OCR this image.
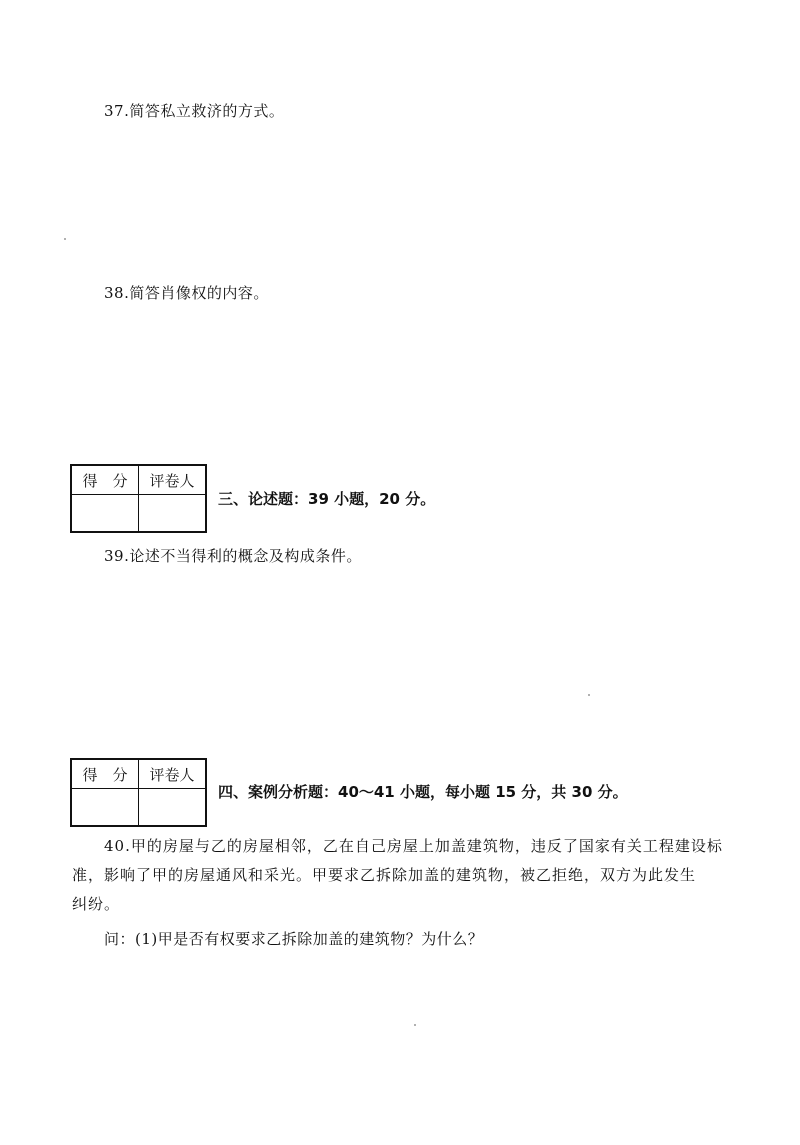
37.简答私立救济的方式。
38.简答肖像权的内容。
得　分	评卷人

三、论述题：39 小题，20 分。
39.论述不当得利的概念及构成条件。
得　分	评卷人

四、案例分析题：40～41 小题，每小题 15 分，共 30 分。
40.甲的房屋与乙的房屋相邻，乙在自己房屋上加盖建筑物，违反了国家有关工程建设标
准，影响了甲的房屋通风和采光。甲要求乙拆除加盖的建筑物，被乙拒绝，双方为此发生
纠纷。
问：(1)甲是否有权要求乙拆除加盖的建筑物？为什么？
